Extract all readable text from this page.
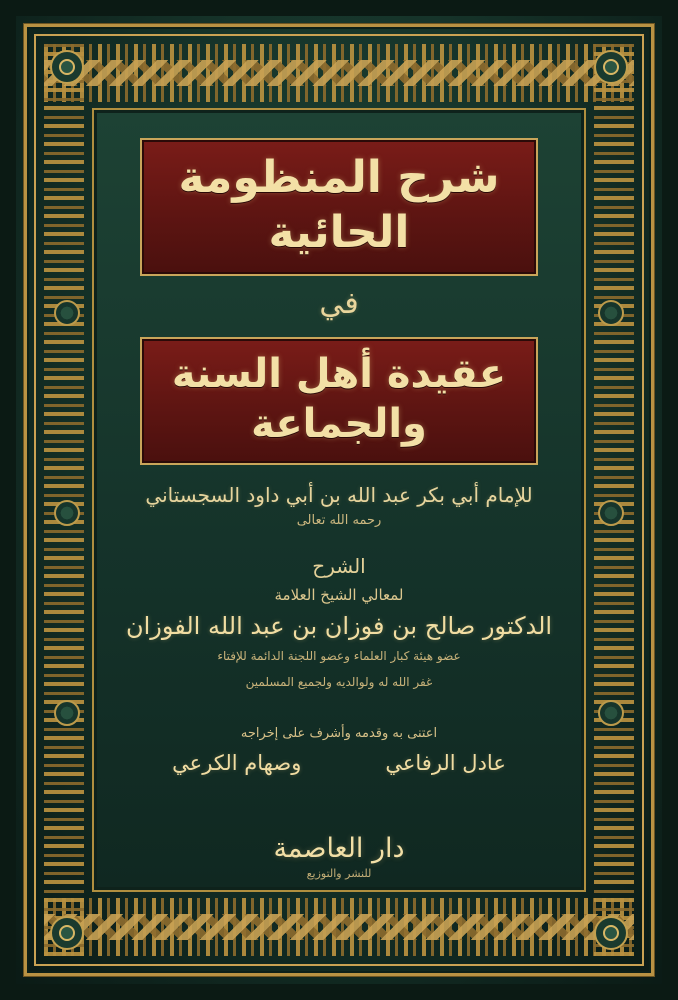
شرح المنظومة الحائية
في
عقيدة أهل السنة والجماعة
للإمام أبي بكر عبد الله بن أبي داود السجستاني
رحمه الله تعالى
الشرح
لمعالي الشيخ العلامة
الدكتور صالح بن فوزان بن عبد الله الفوزان
عضو هيئة كبار العلماء وعضو اللجنة الدائمة للإفتاء
غفر الله له ولوالديه ولجميع المسلمين
اعتنى به وقدمه وأشرف على إخراجه
عادل الرفاعي
وصهام الكرعي
دار العاصمة
للنشر والتوزيع
